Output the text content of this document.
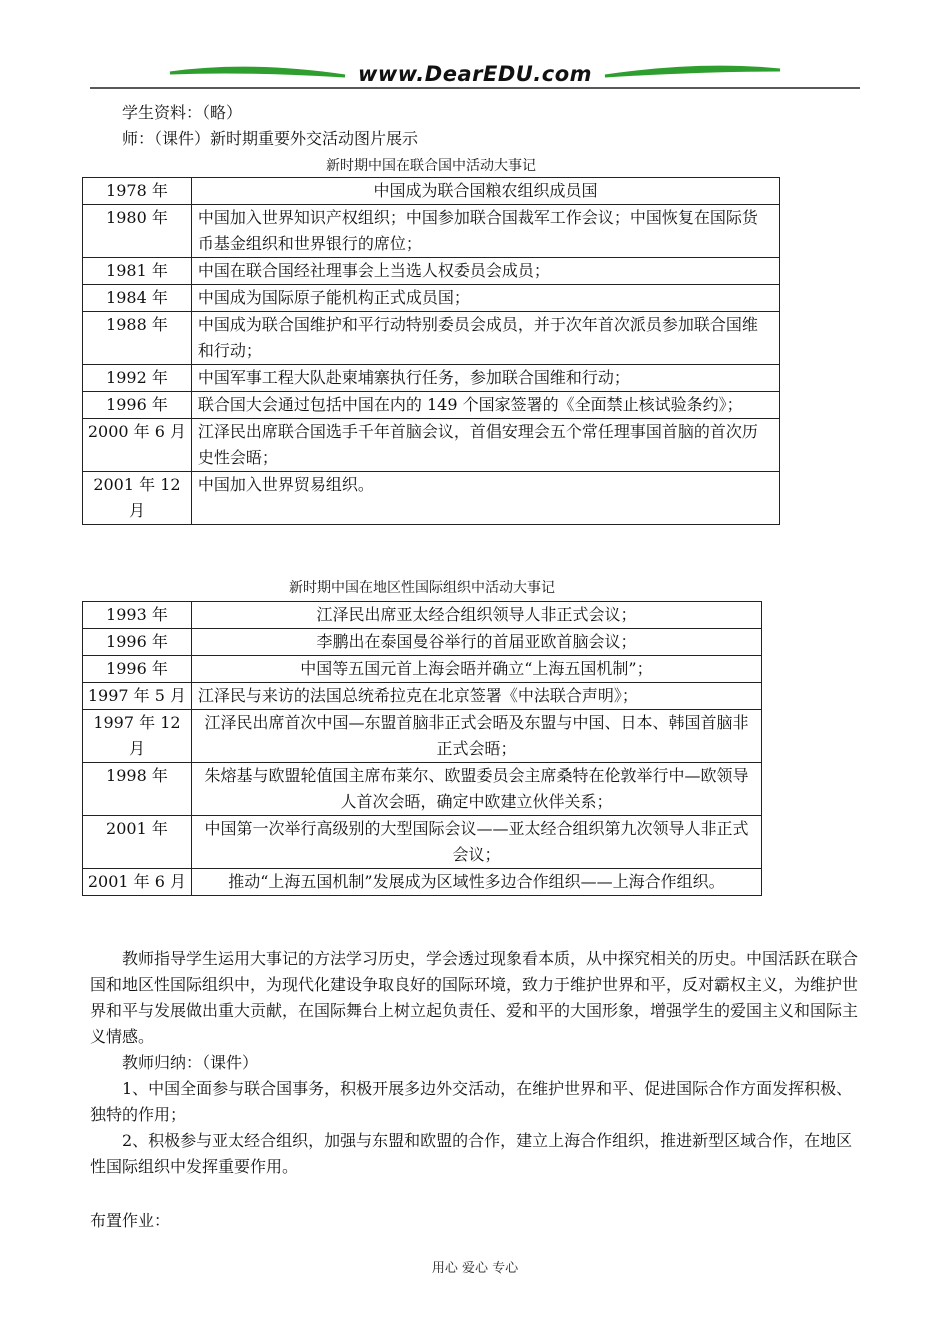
www.DearEDU.com
学生资料：（略）
师：（课件）新时期重要外交活动图片展示
新时期中国在联合国中活动大事记
1978 年	中国成为联合国粮农组织成员国
1980 年	中国加入世界知识产权组织；中国参加联合国裁军工作会议；中国恢复在国际货币基金组织和世界银行的席位；
1981 年	中国在联合国经社理事会上当选人权委员会成员；
1984 年	中国成为国际原子能机构正式成员国；
1988 年	中国成为联合国维护和平行动特别委员会成员，并于次年首次派员参加联合国维和行动；
1992 年	中国军事工程大队赴柬埔寨执行任务，参加联合国维和行动；
1996 年	联合国大会通过包括中国在内的 149 个国家签署的《全面禁止核试验条约》；
2000 年 6 月	江泽民出席联合国选手千年首脑会议，首倡安理会五个常任理事国首脑的首次历史性会晤；
2001 年 12 月	中国加入世界贸易组织。
新时期中国在地区性国际组织中活动大事记
1993 年	江泽民出席亚太经合组织领导人非正式会议；
1996 年	李鹏出在泰国曼谷举行的首届亚欧首脑会议；
1996 年	中国等五国元首上海会晤并确立“上海五国机制”；
1997 年 5 月	江泽民与来访的法国总统希拉克在北京签署《中法联合声明》；
1997 年 12 月	江泽民出席首次中国—东盟首脑非正式会晤及东盟与中国、日本、韩国首脑非正式会晤；
1998 年	朱熔基与欧盟轮值国主席布莱尔、欧盟委员会主席桑特在伦敦举行中—欧领导人首次会晤，确定中欧建立伙伴关系；
2001 年	中国第一次举行高级别的大型国际会议——亚太经合组织第九次领导人非正式会议；
2001 年 6 月	推动“上海五国机制”发展成为区域性多边合作组织——上海合作组织。
教师指导学生运用大事记的方法学习历史，学会透过现象看本质，从中探究相关的历史。中国活跃在联合国和地区性国际组织中，为现代化建设争取良好的国际环境，致力于维护世界和平，反对霸权主义，为维护世界和平与发展做出重大贡献，在国际舞台上树立起负责任、爱和平的大国形象，增强学生的爱国主义和国际主义情感。
教师归纳：（课件）
1、中国全面参与联合国事务，积极开展多边外交活动，在维护世界和平、促进国际合作方面发挥积极、独特的作用；
2、积极参与亚太经合组织，加强与东盟和欧盟的合作，建立上海合作组织，推进新型区域合作，在地区性国际组织中发挥重要作用。
布置作业：
用心 爱心 专心
